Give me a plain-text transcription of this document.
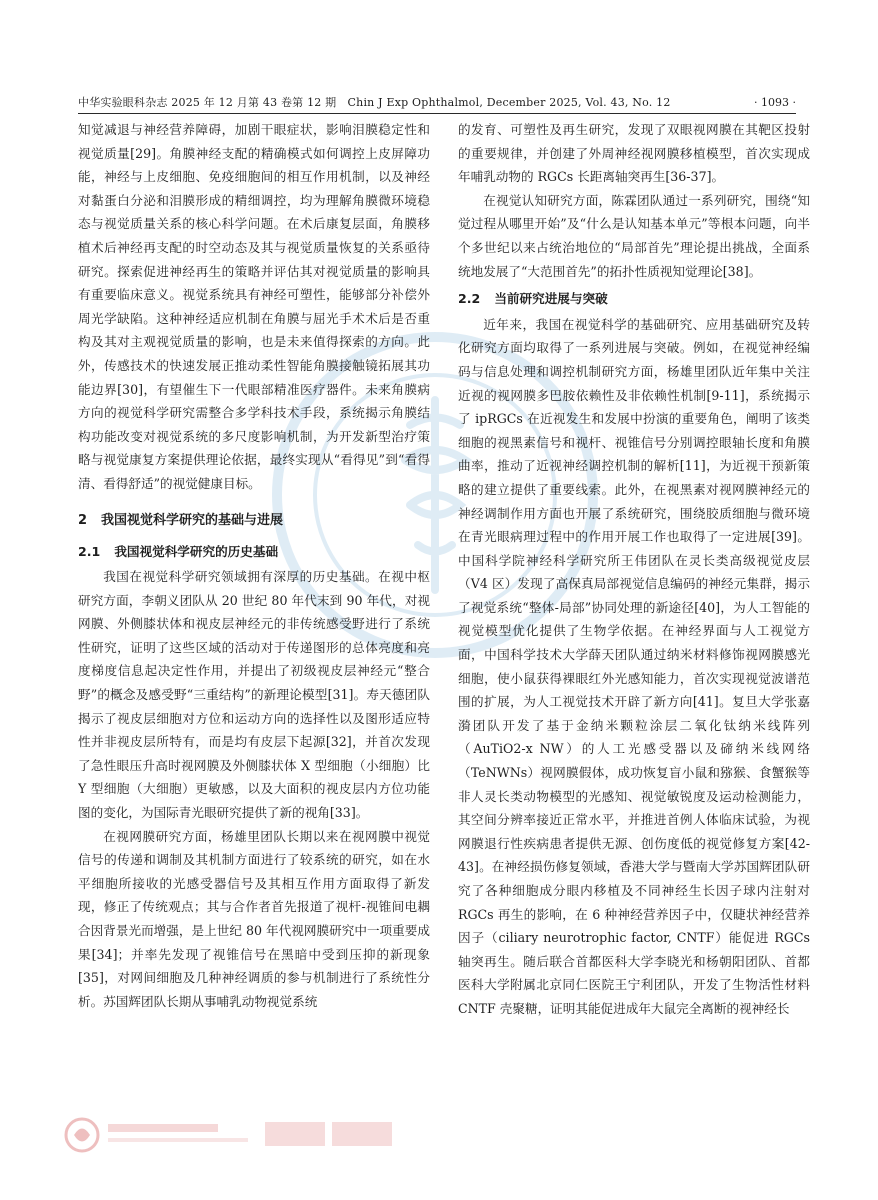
中华实验眼科杂志 2025 年 12 月第 43 卷第 12 期　Chin J Exp Ophthalmol, December 2025, Vol. 43, No. 12	· 1093 ·

知觉减退与神经营养障碍，加剧干眼症状，影响泪膜稳定性和视觉质量[29]。角膜神经支配的精确模式如何调控上皮屏障功能，神经与上皮细胞、免疫细胞间的相互作用机制，以及神经对黏蛋白分泌和泪膜形成的精细调控，均为理解角膜微环境稳态与视觉质量关系的核心科学问题。在术后康复层面，角膜移植术后神经再支配的时空动态及其与视觉质量恢复的关系亟待研究。探索促进神经再生的策略并评估其对视觉质量的影响具有重要临床意义。视觉系统具有神经可塑性，能够部分补偿外周光学缺陷。这种神经适应机制在角膜与屈光手术术后是否重构及其对主观视觉质量的影响，也是未来值得探索的方向。此外，传感技术的快速发展正推动柔性智能角膜接触镜拓展其功能边界[30]，有望催生下一代眼部精准医疗器件。未来角膜病方向的视觉科学研究需整合多学科技术手段，系统揭示角膜结构功能改变对视觉系统的多尺度影响机制，为开发新型治疗策略与视觉康复方案提供理论依据，最终实现从“看得见”到“看得清、看得舒适”的视觉健康目标。

2 我国视觉科学研究的基础与进展
2.1 我国视觉科学研究的历史基础

我国在视觉科学研究领域拥有深厚的历史基础。在视中枢研究方面，李朝义团队从 20 世纪 80 年代末到 90 年代，对视网膜、外侧膝状体和视皮层神经元的非传统感受野进行了系统性研究，证明了这些区域的活动对于传递图形的总体亮度和亮度梯度信息起决定性作用，并提出了初级视皮层神经元“整合野”的概念及感受野“三重结构”的新理论模型[31]。寿天德团队揭示了视皮层细胞对方位和运动方向的选择性以及图形适应特性并非视皮层所特有，而是均有皮层下起源[32]，并首次发现了急性眼压升高时视网膜及外侧膝状体 X 型细胞（小细胞）比 Y 型细胞（大细胞）更敏感，以及大面积的视皮层内方位功能图的变化，为国际青光眼研究提供了新的视角[33]。

在视网膜研究方面，杨雄里团队长期以来在视网膜中视觉信号的传递和调制及其机制方面进行了较系统的研究，如在水平细胞所接收的光感受器信号及其相互作用方面取得了新发现，修正了传统观点；其与合作者首先报道了视杆-视锥间电耦合因背景光而增强，是上世纪 80 年代视网膜研究中一项重要成果[34]；并率先发现了视锥信号在黑暗中受到压抑的新现象[35]，对网间细胞及几种神经调质的参与机制进行了系统性分析。苏国辉团队长期从事哺乳动物视觉系统

的发育、可塑性及再生研究，发现了双眼视网膜在其靶区投射的重要规律，并创建了外周神经视网膜移植模型，首次实现成年哺乳动物的 RGCs 长距离轴突再生[36-37]。

在视觉认知研究方面，陈霖团队通过一系列研究，围绕“知觉过程从哪里开始”及“什么是认知基本单元”等根本问题，向半个多世纪以来占统治地位的“局部首先”理论提出挑战，全面系统地发展了“大范围首先”的拓扑性质视知觉理论[38]。

2.2 当前研究进展与突破

近年来，我国在视觉科学的基础研究、应用基础研究及转化研究方面均取得了一系列进展与突破。例如，在视觉神经编码与信息处理和调控机制研究方面，杨雄里团队近年集中关注近视的视网膜多巴胺依赖性及非依赖性机制[9-11]，系统揭示了 ipRGCs 在近视发生和发展中扮演的重要角色，阐明了该类细胞的视黑素信号和视杆、视锥信号分别调控眼轴长度和角膜曲率，推动了近视神经调控机制的解析[11]，为近视干预新策略的建立提供了重要线索。此外，在视黑素对视网膜神经元的神经调制作用方面也开展了系统研究，围绕胶质细胞与微环境在青光眼病理过程中的作用开展工作也取得了一定进展[39]。中国科学院神经科学研究所王伟团队在灵长类高级视觉皮层（V4 区）发现了高保真局部视觉信息编码的神经元集群，揭示了视觉系统“整体-局部”协同处理的新途径[40]，为人工智能的视觉模型优化提供了生物学依据。在神经界面与人工视觉方面，中国科学技术大学薛天团队通过纳米材料修饰视网膜感光细胞，使小鼠获得裸眼红外光感知能力，首次实现视觉波谱范围的扩展，为人工视觉技术开辟了新方向[41]。复旦大学张嘉漪团队开发了基于金纳米颗粒涂层二氧化钛纳米线阵列（AuTiO2-x NW）的人工光感受器以及碲纳米线网络（TeNWNs）视网膜假体，成功恢复盲小鼠和猕猴、食蟹猴等非人灵长类动物模型的光感知、视觉敏锐度及运动检测能力，其空间分辨率接近正常水平，并推进首例人体临床试验，为视网膜退行性疾病患者提供无源、创伤度低的视觉修复方案[42-43]。在神经损伤修复领域，香港大学与暨南大学苏国辉团队研究了各种细胞成分眼内移植及不同神经生长因子球内注射对 RGCs 再生的影响，在 6 种神经营养因子中，仅睫状神经营养因子（ciliary neurotrophic factor, CNTF）能促进 RGCs 轴突再生。随后联合首都医科大学李晓光和杨朝阳团队、首都医科大学附属北京同仁医院王宁利团队，开发了生物活性材料 CNTF 壳聚糖，证明其能促进成年大鼠完全离断的视神经长
